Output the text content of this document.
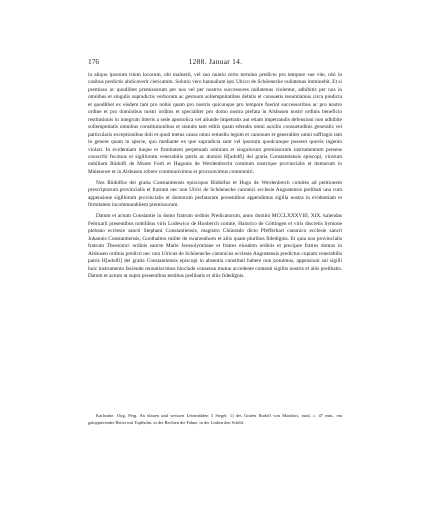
176	1288. Januar 14.

in aliquo ipsorum trium locorum, ubi maluerit, vel suo nuntio certo termino predicto pro tempore sue vite, nisi in casibus predictis abdicaverit clericatum. Solutio vero bannalium ipsi Ulrico de Schöenecke nullatenus imminebit. Et si premisso ac quodlibet premissorum per nos vel per nostros successores nullatenus violentur, adhibitis per nos in omnibus et singulis supradictis verborum ac gestuum sollempnitatibus debitis et consuetis renuntiamus circa predicta et quodlibet ex eisdem tam pro nobis quam pro nostris quicunque pro tempore fuerint successoribus ac pro nostro ordine et pro dominibus nostri ordinis et specialiter pro domo nostra prefata in Alsbusen nostri ordinis beneficio restitutionis in integrum litteris a sede apostolica vel aliunde impetratis aut etiam impetrandis defensioni non adhibite sollempnitatis omnibus constitutionibus et statutis tam editis quam edendis omni auxilio consuetudinis generalis vel particularis exceptionibus doli et quod metus causa omni remedio legum et canonum et generaliter omni suffragio tam in genere quam in specie, quo mediante ex que supradicta sunt vel ipsorum quodcunque possent quovis ingenio violari. In evidentiam itaque et firmitatem perpetuam omnium et singulorum premissorum instrumentum presens conscribi fecimus et sigillorum venerabilis patris ac domini H[udolfi] dei gratia Constantiensis episcopi, virorum nobilium Rüdolfi de Monte Forti et Hugonis de Werdenbrecht comitum nostrique provincialis et domorum in Maienowe et in Alsbusen robore communivimus et procuravimus communiri.

Nos Rüdolfus dei gratia Constantiensis episcopus Rüdolfus et Hugo de Werdenbrech comites ad petitionem prescriptorum provincialis et fratrum nec non Ulrici de Schöenecke canonici ecclesie Augustensis prelibati una cum appensione sigillorum provincialis et domorum prefatarum presentibus appendimus sigilla nostra in evidentiam et firmitatem incommutabilem premissorum.

Datum et actum Constantie in domo fratrum ordinis Predicatorum, anno domini MCCLXXXVIII, XIX. kalendas Februarii presentibus nobilibus viris Ludewico de Honberch comite, Hainrico de Göttingen et viris discretis Symone plebano ecclesie sancti Stephani Constantiensis, magistro Chünrado dicto Pfefferhart canonico ecclesie sancti Johannis Constantiensis, Gonthalmo milite de swarzenhorn et aliis quam pluribus fidedignis. Et quia nos provincialis fratrum Theutonici ordinis sancte Marie Jerosolymitane et fratres eiusdem ordinis et precipue fratres domus in Alsbusen ordinis predicti nec non Ulricus de Schöenecke canonicus ecclesie Augustensis predictus copiam venerabilis patris H[udolfi] dei gratia Constantiensis episcopi in absentia constituti habere non potuimus, appensioni sui sigilli huic instrumento faciende renuntiavimus hincinde consensu mutuo accedente contenti sigillis nostris et aliis prelibatis. Datum et actum ut supra presentibus testibus prelibatis et aliis fidedignis.

Karlsruhe. Orig. Perg. An blauen und weissen Leinenfäden 3 Siegel: 1) des Grafen Rudolf von Montfort, rund, c. 47 mm., ein galoppierender Reiter mit Topfhelm, in der Rechten die Fahne, in der Linken den Schild.
